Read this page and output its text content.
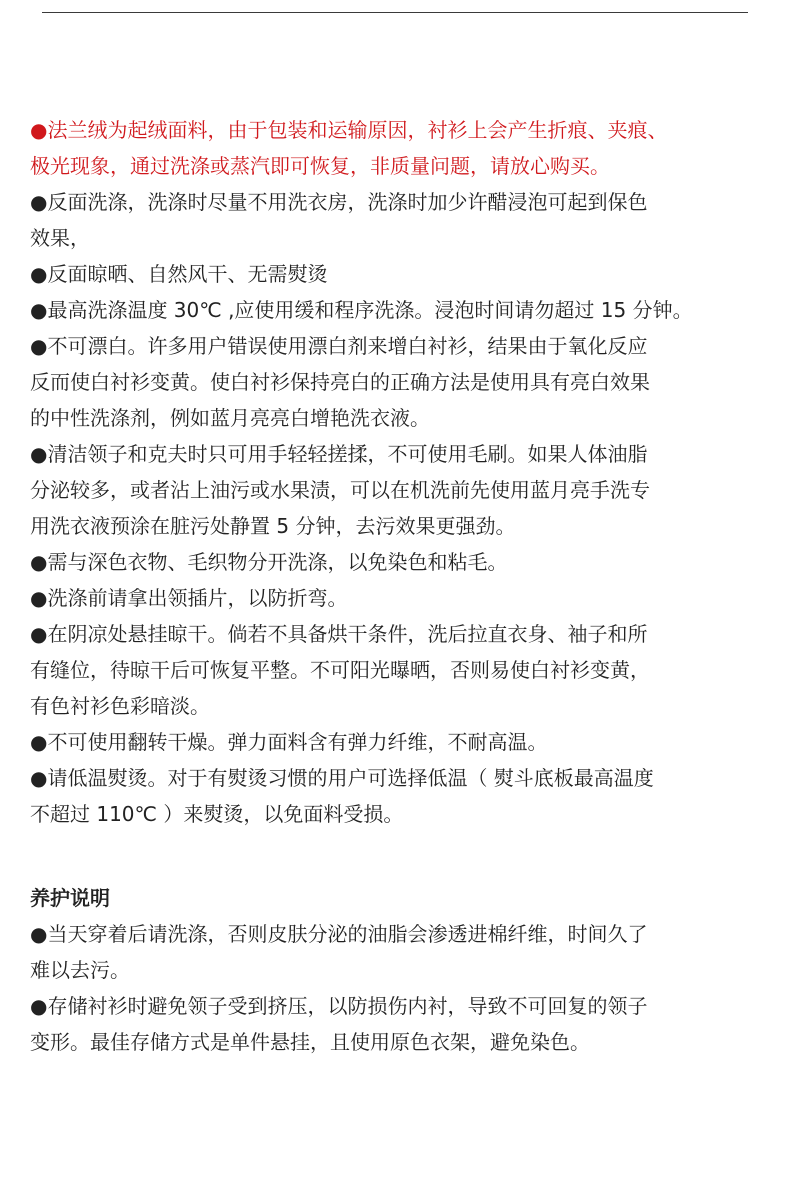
●法兰绒为起绒面料，由于包装和运输原因，衬衫上会产生折痕、夹痕、
极光现象，通过洗涤或蒸汽即可恢复，非质量问题，请放心购买。
●反面洗涤，洗涤时尽量不用洗衣房，洗涤时加少许醋浸泡可起到保色
效果，
●反面晾晒、自然风干、无需熨烫
●最高洗涤温度 30℃ ,应使用缓和程序洗涤。浸泡时间请勿超过 15 分钟。
●不可漂白。许多用户错误使用漂白剂来增白衬衫，结果由于氧化反应
反而使白衬衫变黄。使白衬衫保持亮白的正确方法是使用具有亮白效果
的中性洗涤剂，例如蓝月亮亮白增艳洗衣液。
●清洁领子和克夫时只可用手轻轻搓揉，不可使用毛刷。如果人体油脂
分泌较多，或者沾上油污或水果渍，可以在机洗前先使用蓝月亮手洗专
用洗衣液预涂在脏污处静置 5 分钟，去污效果更强劲。
●需与深色衣物、毛织物分开洗涤，以免染色和粘毛。
●洗涤前请拿出领插片，以防折弯。
●在阴凉处悬挂晾干。倘若不具备烘干条件，洗后拉直衣身、袖子和所
有缝位，待晾干后可恢复平整。不可阳光曝晒，否则易使白衬衫变黄，
有色衬衫色彩暗淡。
●不可使用翻转干燥。弹力面料含有弹力纤维，不耐高温。
●请低温熨烫。对于有熨烫习惯的用户可选择低温（ 熨斗底板最高温度
不超过 110℃ ）来熨烫，以免面料受损。
养护说明
●当天穿着后请洗涤，否则皮肤分泌的油脂会渗透进棉纤维，时间久了
难以去污。
●存储衬衫时避免领子受到挤压，以防损伤内衬，导致不可回复的领子
变形。最佳存储方式是单件悬挂，且使用原色衣架，避免染色。
